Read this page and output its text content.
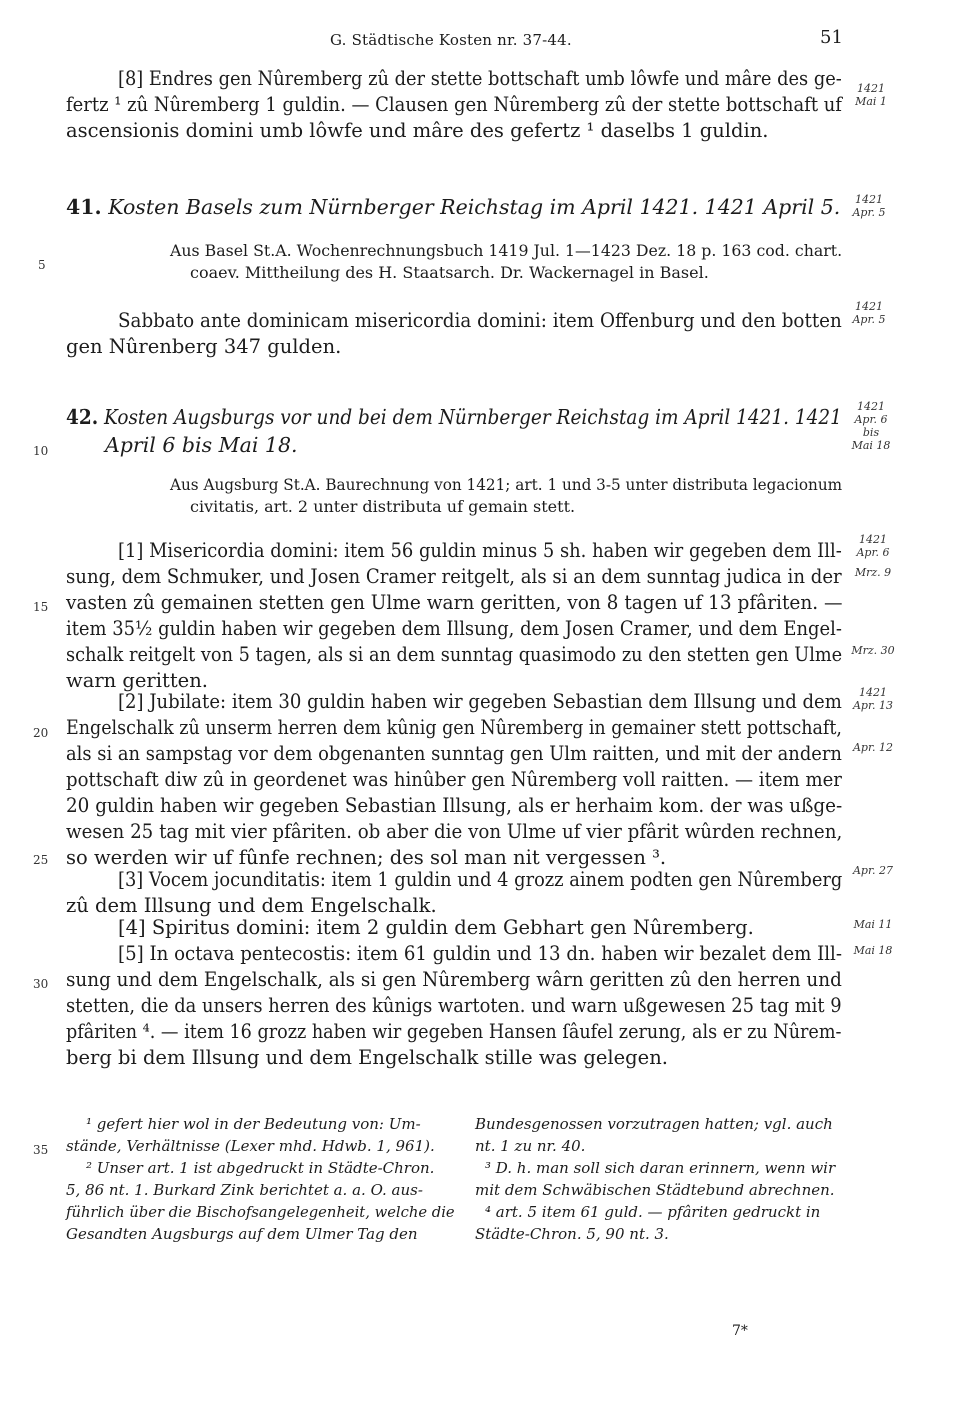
G. Städtische Kosten nr. 37-44.	51
5
10
15
20
25
30
35
[8] Endres gen Nûremberg zû der stette bottschaft umb lôwfe und mâre des ge-
fertz ¹ zû Nûremberg 1 guldin. — Clausen gen Nûremberg zû der stette bottschaft uf
ascensionis domini umb lôwfe und mâre des gefertz ¹ daselbs 1 guldin.
1421
Mai 1
41. Kosten Basels zum Nürnberger Reichstag im April 1421. 1421 April 5.	1421
Apr. 5
Aus Basel St.A. Wochenrechnungsbuch 1419 Jul. 1—1423 Dez. 18 p. 163 cod. chart.
coaev. Mittheilung des H. Staatsarch. Dr. Wackernagel in Basel.
Sabbato ante dominicam misericordia domini: item Offenburg und den botten
gen Nûrenberg 347 gulden.
1421
Apr. 5
42. Kosten Augsburgs vor und bei dem Nürnberger Reichstag im April 1421. 1421
April 6 bis Mai 18.
1421
Apr. 6
bis
Mai 18
Aus Augsburg St.A. Baurechnung von 1421; art. 1 und 3-5 unter distributa legacionum
civitatis, art. 2 unter distributa uf gemain stett.
[1] Misericordia domini: item 56 guldin minus 5 sh. haben wir gegeben dem Ill-
sung, dem Schmuker, und Josen Cramer reitgelt, als si an dem sunntag judica in der
vasten zû gemainen stetten gen Ulme warn geritten, von 8 tagen uf 13 pfâriten. —
item 35½ guldin haben wir gegeben dem Illsung, dem Josen Cramer, und dem Engel-
schalk reitgelt von 5 tagen, als si an dem sunntag quasimodo zu den stetten gen Ulme
warn geritten.
[2] Jubilate: item 30 guldin haben wir gegeben Sebastian dem Illsung und dem
Engelschalk zû unserm herren dem kûnig gen Nûremberg in gemainer stett pottschaft,
als si an sampstag vor dem obgenanten sunntag gen Ulm raitten, und mit der andern
pottschaft diw zû in geordenet was hinûber gen Nûremberg voll raitten. — item mer
20 guldin haben wir gegeben Sebastian Illsung, als er herhaim kom. der was ußge-
wesen 25 tag mit vier pfâriten. ob aber die von Ulme uf vier pfârit wûrden rechnen,
so werden wir uf fûnfe rechnen; des sol man nit vergessen ³.
[3] Vocem jocunditatis: item 1 guldin und 4 grozz ainem podten gen Nûremberg
zû dem Illsung und dem Engelschalk.
[4] Spiritus domini: item 2 guldin dem Gebhart gen Nûremberg.
[5] In octava pentecostis: item 61 guldin und 13 dn. haben wir bezalet dem Ill-
sung und dem Engelschalk, als si gen Nûremberg wârn geritten zû den herren und
stetten, die da unsers herren des kûnigs wartoten. und warn ußgewesen 25 tag mit 9
pfâriten ⁴. — item 16 grozz haben wir gegeben Hansen ſâufel zerung, als er zu Nûrem-
berg bi dem Illsung und dem Engelschalk stille was gelegen.
1421
Apr. 6
Mrz. 9
Mrz. 30
1421
Apr. 13
Apr. 12
Apr. 27
Mai 11
Mai 18
¹ gefert hier wol in der Bedeutung von: Um-
stände, Verhältnisse (Lexer mhd. Hdwb. 1, 961).
² Unser art. 1 ist abgedruckt in Städte-Chron.
5, 86 nt. 1. Burkard Zink berichtet a. a. O. aus-
führlich über die Bischofsangelegenheit, welche die
Gesandten Augsburgs auf dem Ulmer Tag den
Bundesgenossen vorzutragen hatten; vgl. auch
nt. 1 zu nr. 40.
³ D. h. man soll sich daran erinnern, wenn wir
mit dem Schwäbischen Städtebund abrechnen.
⁴ art. 5 item 61 guld. — pfâriten gedruckt in
Städte-Chron. 5, 90 nt. 3.
7*
